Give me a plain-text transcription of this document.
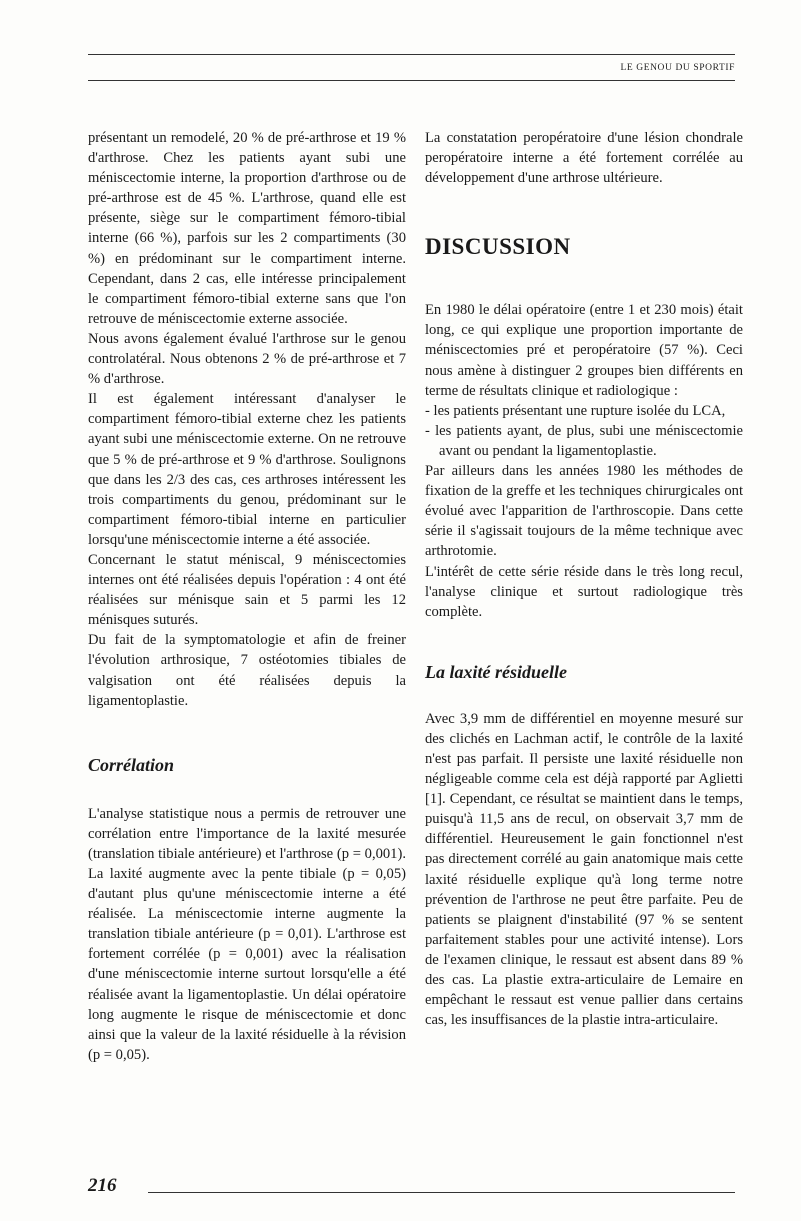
LE GENOU DU SPORTIF

présentant un remodelé, 20 % de pré-arthrose et 19 % d'arthrose. Chez les patients ayant subi une méniscectomie interne, la proportion d'arthrose ou de pré-arthrose est de 45 %. L'arthrose, quand elle est présente, siège sur le compartiment fémoro-tibial interne (66 %), parfois sur les 2 compartiments (30 %) en prédominant sur le compartiment interne. Cependant, dans 2 cas, elle intéresse principalement le compartiment fémoro-tibial externe sans que l'on retrouve de méniscectomie externe associée.

Nous avons également évalué l'arthrose sur le genou controlatéral. Nous obtenons 2 % de pré-arthrose et 7 % d'arthrose.

Il est également intéressant d'analyser le compartiment fémoro-tibial externe chez les patients ayant subi une méniscectomie externe. On ne retrouve que 5 % de pré-arthrose et 9 % d'arthrose. Soulignons que dans les 2/3 des cas, ces arthroses intéressent les trois compartiments du genou, prédominant sur le compartiment fémoro-tibial interne en particulier lorsqu'une méniscectomie interne a été associée.

Concernant le statut méniscal, 9 méniscectomies internes ont été réalisées depuis l'opération : 4 ont été réalisées sur ménisque sain et 5 parmi les 12 ménisques suturés.

Du fait de la symptomatologie et afin de freiner l'évolution arthrosique, 7 ostéotomies tibiales de valgisation ont été réalisées depuis la ligamentoplastie.

Corrélation

L'analyse statistique nous a permis de retrouver une corrélation entre l'importance de la laxité mesurée (translation tibiale antérieure) et l'arthrose (p = 0,001). La laxité augmente avec la pente tibiale (p = 0,05) d'autant plus qu'une méniscectomie interne a été réalisée. La méniscectomie interne augmente la translation tibiale antérieure (p = 0,01). L'arthrose est fortement corrélée (p = 0,001) avec la réalisation d'une méniscectomie interne surtout lorsqu'elle a été réalisée avant la ligamentoplastie. Un délai opératoire long augmente le risque de méniscectomie et donc ainsi que la valeur de la laxité résiduelle à la révision (p = 0,05).

La constatation peropératoire d'une lésion chondrale peropératoire interne a été fortement corrélée au développement d'une arthrose ultérieure.

DISCUSSION

En 1980 le délai opératoire (entre 1 et 230 mois) était long, ce qui explique une proportion importante de méniscectomies pré et peropératoire (57 %). Ceci nous amène à distinguer 2 groupes bien différents en terme de résultats clinique et radiologique :

- les patients présentant une rupture isolée du LCA,
- les patients ayant, de plus, subi une méniscectomie avant ou pendant la ligamentoplastie.

Par ailleurs dans les années 1980 les méthodes de fixation de la greffe et les techniques chirurgicales ont évolué avec l'apparition de l'arthroscopie. Dans cette série il s'agissait toujours de la même technique avec arthrotomie.

L'intérêt de cette série réside dans le très long recul, l'analyse clinique et surtout radiologique très complète.

La laxité résiduelle

Avec 3,9 mm de différentiel en moyenne mesuré sur des clichés en Lachman actif, le contrôle de la laxité n'est pas parfait. Il persiste une laxité résiduelle non négligeable comme cela est déjà rapporté par Aglietti [1]. Cependant, ce résultat se maintient dans le temps, puisqu'à 11,5 ans de recul, on observait 3,7 mm de différentiel. Heureusement le gain fonctionnel n'est pas directement corrélé au gain anatomique mais cette laxité résiduelle explique qu'à long terme notre prévention de l'arthrose ne peut être parfaite. Peu de patients se plaignent d'instabilité (97 % se sentent parfaitement stables pour une activité intense). Lors de l'examen clinique, le ressaut est absent dans 89 % des cas. La plastie extra-articulaire de Lemaire en empêchant le ressaut est venue pallier dans certains cas, les insuffisances de la plastie intra-articulaire.

216
